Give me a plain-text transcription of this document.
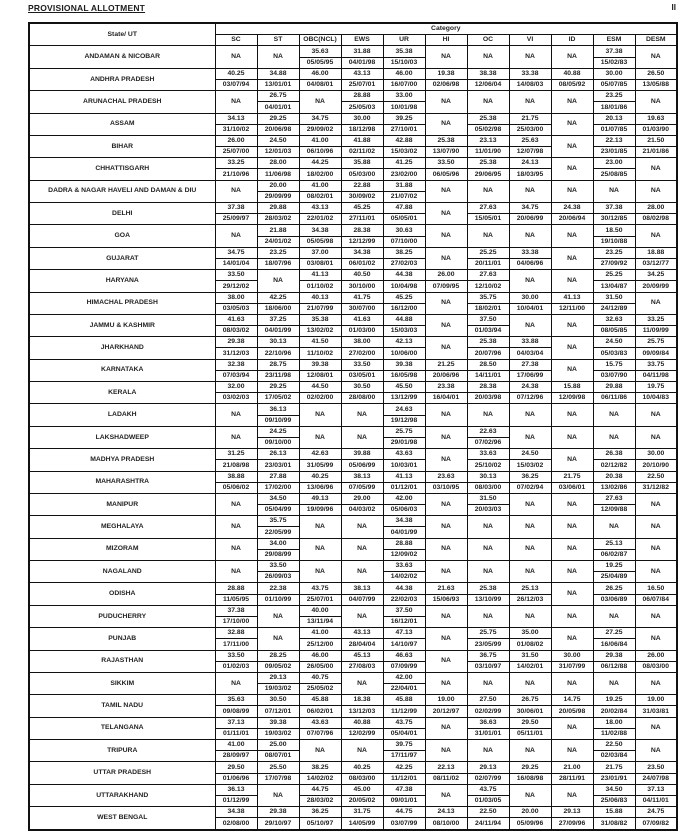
PROVISIONAL ALLOTMENT	II
State/ UT	Category										
	SC	ST	OBC(NCL)	EWS	UR	HI	OC	VI	ID	ESM	DESM
ANDAMAN & NICOBAR	NA	NA	35.63	31.88	35.38	NA	NA	NA	NA	37.38	NA
			05/05/95	04/01/98	15/10/03					15/02/83	
ANDHRA PRADESH	40.25	34.88	46.00	43.13	46.00	19.38	38.38	33.38	40.88	30.00	26.50
	03/07/94	13/01/01	04/08/01	25/07/01	16/07/00	02/06/98	12/06/04	14/08/03	08/05/92	05/07/85	13/05/88
ARUNACHAL PRADESH	NA	26.75	NA	28.88	33.00	NA	NA	NA	NA	23.25	NA
		04/01/01		25/05/03	10/01/98					18/01/86	
ASSAM	34.13	29.25	34.75	30.00	39.25	NA	25.38	21.75	NA	20.13	19.63
	31/10/02	20/06/98	29/09/02	18/12/98	27/10/01		05/02/98	25/03/00		01/07/85	01/03/90
BIHAR	26.00	24.50	41.00	41.88	42.88	25.38	23.13	25.63	NA	22.13	21.50
	25/07/00	12/01/03	06/10/96	02/11/02	15/03/02	13/07/90	11/01/90	12/07/98		23/01/85	21/01/86
CHHATTISGARH	33.25	28.00	44.25	35.88	41.25	33.50	25.38	24.13	NA	23.00	NA
	21/10/96	11/06/98	18/02/00	05/03/00	23/02/00	06/05/96	29/06/95	18/03/95		25/08/85	
DADRA & NAGAR HAVELI AND DAMAN & DIU	NA	20.00	41.00	22.88	31.88	NA	NA	NA	NA	NA	NA
		29/09/99	08/02/01	30/09/02	21/07/02						
DELHI	37.38	29.88	43.13	45.25	47.88	NA	27.63	34.75	24.38	37.38	28.00
	25/09/97	28/03/02	22/01/02	27/11/01	05/05/01		15/05/01	20/06/99	20/06/94	30/12/85	08/02/98
GOA	NA	21.88	34.38	28.38	30.63	NA	NA	NA	NA	18.50	NA
		24/01/02	05/05/98	12/12/99	07/10/00					19/10/88	
GUJARAT	34.75	23.25	37.00	34.38	38.25	NA	25.25	33.38	NA	23.25	18.88
	14/01/04	18/07/96	03/08/01	06/01/02	27/02/03		20/11/01	04/06/96		27/09/92	03/12/77
HARYANA	33.50	NA	41.13	40.50	44.38	26.00	27.63	NA	NA	25.25	34.25
	29/12/02		01/10/02	30/10/00	10/04/98	07/09/95	12/10/02			13/04/87	20/09/99
HIMACHAL PRADESH	38.00	42.25	40.13	41.75	45.25	NA	35.75	30.00	41.13	31.50	NA
	03/05/03	18/06/00	21/07/99	30/07/00	16/12/00		18/02/01	10/04/01	12/11/00	24/12/89	
JAMMU & KASHMIR	41.63	37.25	35.38	41.63	44.88	NA	37.50	NA	NA	32.63	33.25
	08/03/02	04/01/99	13/02/02	01/03/00	15/03/03		01/03/94			08/05/85	11/09/99
JHARKHAND	29.38	30.13	41.50	38.00	42.13	NA	25.38	33.88	NA	24.50	25.75
	31/12/03	22/10/96	11/10/02	27/02/00	10/06/00		20/07/96	04/03/04		05/03/83	09/09/84
KARNATAKA	32.38	28.75	39.38	33.50	39.38	21.25	28.50	27.38	NA	15.75	33.75
	07/03/94	23/11/98	12/08/01	03/05/01	16/05/98	20/06/96	14/11/01	17/06/99		03/07/90	04/11/98
KERALA	32.00	29.25	44.50	30.50	45.50	23.38	28.38	24.38	15.88	29.88	19.75
	03/02/03	17/05/02	02/02/00	28/08/00	13/12/99	16/04/01	20/03/98	07/12/96	12/09/98	06/11/86	10/04/83
LADAKH	NA	36.13	NA	NA	24.63	NA	NA	NA	NA	NA	NA
		09/10/99			19/12/98						
LAKSHADWEEP	NA	24.25	NA	NA	25.75	NA	22.63	NA	NA	NA	NA
		09/10/00			29/01/98		07/02/96				
MADHYA PRADESH	31.25	26.13	42.63	39.88	43.63	NA	33.63	24.50	NA	26.38	30.00
	21/08/98	23/03/01	31/05/99	05/06/99	10/03/01		25/10/02	15/03/02		02/12/82	20/10/90
MAHARASHTRA	38.88	27.88	40.25	38.13	41.13	23.63	30.13	36.25	21.75	20.38	22.50
	05/06/02	17/02/00	13/06/96	07/05/99	01/12/01	03/10/95	08/03/00	07/02/94	03/06/01	13/02/86	31/12/82
MANIPUR	NA	34.50	49.13	29.00	42.00	NA	31.50	NA	NA	27.63	NA
		05/04/99	19/09/96	04/03/02	05/06/03		20/03/03			12/09/88	
MEGHALAYA	NA	35.75	NA	NA	34.38	NA	NA	NA	NA	NA	NA
		22/05/99			04/01/99						
MIZORAM	NA	34.00	NA	NA	28.88	NA	NA	NA	NA	25.13	NA
		29/08/99			12/09/02					06/02/87	
NAGALAND	NA	33.50	NA	NA	33.63	NA	NA	NA	NA	19.25	NA
		26/09/03			14/02/02					25/04/89	
ODISHA	28.88	22.38	43.75	38.13	44.38	21.63	25.38	25.13	NA	26.25	16.50
	11/05/95	01/10/99	25/07/01	04/07/99	22/02/03	15/06/93	13/10/99	26/12/03		03/06/89	06/07/84
PUDUCHERRY	37.38	NA	40.00	NA	37.50	NA	NA	NA	NA	NA	NA
	17/10/00		13/11/94		16/12/01						
PUNJAB	32.88	NA	41.00	43.13	47.13	NA	25.75	35.00	NA	27.25	NA
	17/11/00		25/12/00	28/04/04	14/10/97		23/05/99	01/08/02		16/06/84	
RAJASTHAN	33.50	28.25	46.00	45.13	46.63	NA	36.75	31.50	30.00	29.38	26.00
	01/02/03	09/05/02	26/05/00	27/08/03	07/09/99		03/10/97	14/02/01	31/07/99	06/12/88	08/03/00
SIKKIM	NA	29.13	40.75	NA	42.00	NA	NA	NA	NA	NA	NA
		19/03/02	25/05/02		22/04/01						
TAMIL NADU	35.63	30.50	45.88	18.38	45.88	19.00	27.50	26.75	14.75	19.25	19.00
	09/08/99	07/12/01	06/02/01	13/12/03	11/12/99	20/12/97	02/02/99	30/06/01	20/05/98	20/02/84	31/03/81
TELANGANA	37.13	39.38	43.63	40.88	43.75	NA	36.63	29.50	NA	18.00	NA
	01/11/01	19/03/02	07/07/96	12/02/99	05/04/01		31/01/01	05/11/01		11/02/88	
TRIPURA	41.00	25.00	NA	NA	39.75	NA	NA	NA	NA	22.50	NA
	28/09/97	08/07/01			17/11/97					02/03/84	
UTTAR PRADESH	29.50	25.50	38.25	40.25	42.25	22.13	29.13	29.25	21.00	21.75	23.50
	01/06/96	17/07/98	14/02/02	08/03/00	11/12/01	08/11/02	02/07/99	16/08/98	28/11/91	23/01/91	24/07/98
UTTARAKHAND	36.13	NA	44.75	45.00	47.38	NA	43.75	NA	NA	34.50	37.13
	01/12/99		28/03/02	20/05/02	09/01/01		01/03/05			25/06/83	04/11/01
WEST BENGAL	34.38	29.38	36.25	31.75	44.75	24.13	22.50	20.00	29.13	15.88	24.75
	02/08/00	29/10/97	05/10/97	14/05/99	03/07/99	08/10/00	24/11/94	05/09/96	27/09/96	31/08/82	07/09/82
